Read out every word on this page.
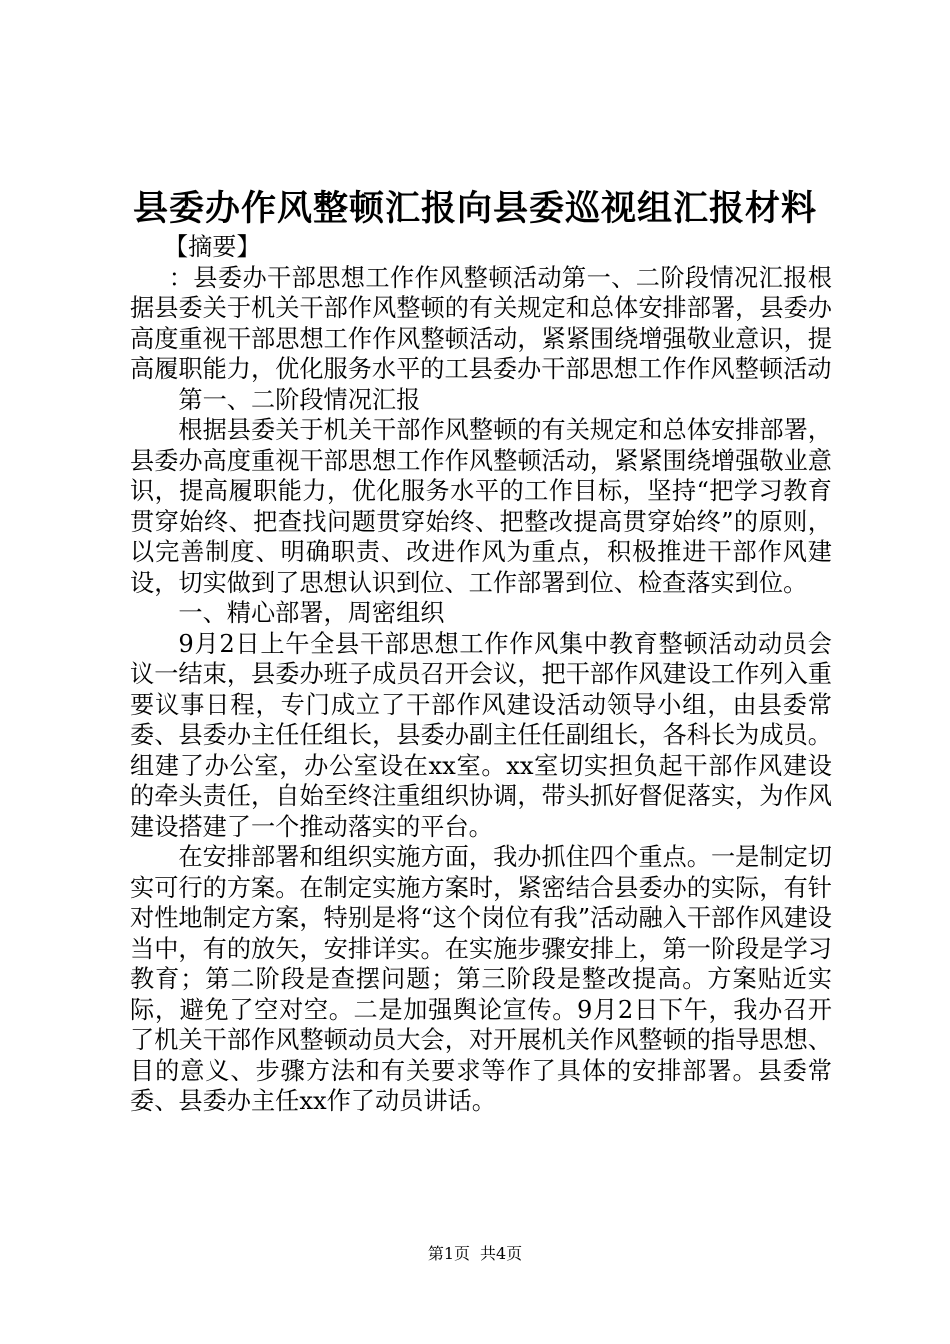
县委办作风整顿汇报向县委巡视组汇报材料

【摘要】

：县委办干部思想工作作风整顿活动第一、二阶段情况汇报根据县委关于机关干部作风整顿的有关规定和总体安排部署，县委办高度重视干部思想工作作风整顿活动，紧紧围绕增强敬业意识，提高履职能力，优化服务水平的工县委办干部思想工作作风整顿活动

第一、二阶段情况汇报

根据县委关于机关干部作风整顿的有关规定和总体安排部署，县委办高度重视干部思想工作作风整顿活动，紧紧围绕增强敬业意识，提高履职能力，优化服务水平的工作目标，坚持“把学习教育贯穿始终、把查找问题贯穿始终、把整改提高贯穿始终”的原则，以完善制度、明确职责、改进作风为重点，积极推进干部作风建设，切实做到了思想认识到位、工作部署到位、检查落实到位。

一、精心部署，周密组织

9月2日上午全县干部思想工作作风集中教育整顿活动动员会议一结束，县委办班子成员召开会议，把干部作风建设工作列入重要议事日程，专门成立了干部作风建设活动领导小组，由县委常委、县委办主任任组长，县委办副主任任副组长，各科长为成员。组建了办公室，办公室设在xx室。xx室切实担负起干部作风建设的牵头责任，自始至终注重组织协调，带头抓好督促落实，为作风建设搭建了一个推动落实的平台。

在安排部署和组织实施方面，我办抓住四个重点。一是制定切实可行的方案。在制定实施方案时，紧密结合县委办的实际，有针对性地制定方案，特别是将“这个岗位有我”活动融入干部作风建设当中，有的放矢，安排详实。在实施步骤安排上，第一阶段是学习教育；第二阶段是查摆问题；第三阶段是整改提高。方案贴近实际，避免了空对空。二是加强舆论宣传。9月2日下午，我办召开了机关干部作风整顿动员大会，对开展机关作风整顿的指导思想、目的意义、步骤方法和有关要求等作了具体的安排部署。县委常委、县委办主任xx作了动员讲话。

第1页 共4页
